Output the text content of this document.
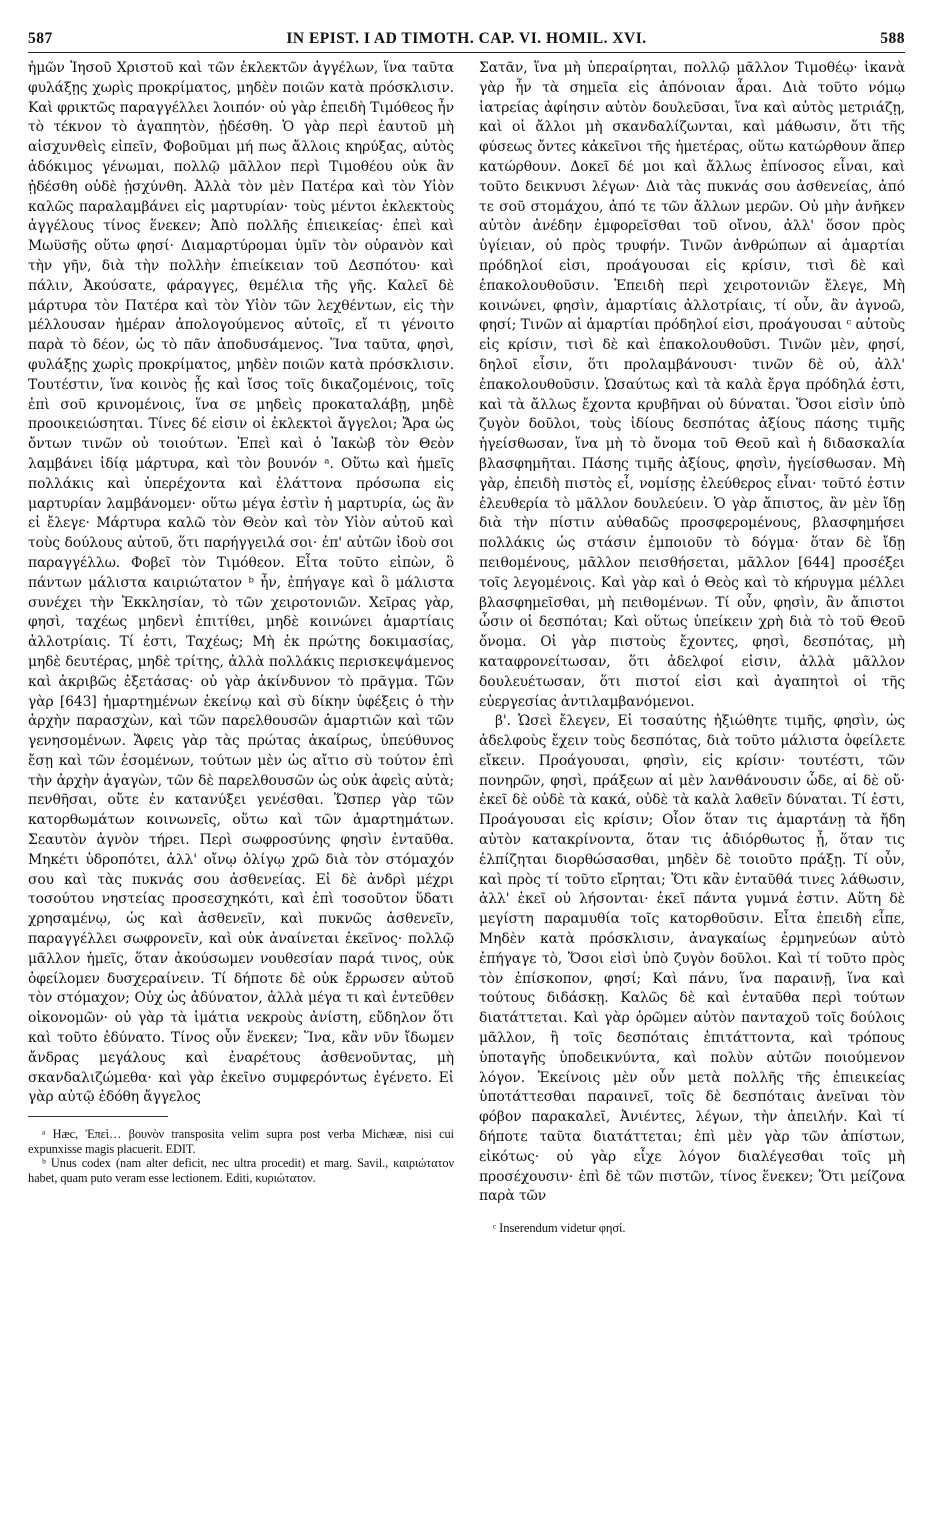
587	IN EPIST. I AD TIMOTH. CAP. VI. HOMIL. XVI.	588

ἡμῶν Ἰησοῦ Χριστοῦ καὶ τῶν ἐκλεκτῶν ἀγγέλων, ἵνα ταῦτα φυλάξῃς χωρὶς προκρίματος, μηδὲν ποιῶν κατὰ πρόσκλισιν. Καὶ φρικτῶς παραγγέλλει λοιπόν· οὐ γὰρ ἐπειδὴ Τιμόθεος ἦν τὸ τέκνον τὸ ἀγαπητὸν, ᾐδέσθη. Ὁ γὰρ περὶ ἑαυτοῦ μὴ αἰσχυνθεὶς εἰπεῖν, Φοβοῦμαι μή πως ἄλλοις κηρύξας, αὐτὸς ἀδόκιμος γένωμαι, πολλῷ μᾶλλον περὶ Τιμοθέου οὐκ ἂν ᾐδέσθη οὐδὲ ᾐσχύνθη. Ἀλλὰ τὸν μὲν Πατέρα καὶ τὸν Υἱὸν καλῶς παραλαμβάνει εἰς μαρτυρίαν· τοὺς μέντοι ἐκλεκτοὺς ἀγγέλους τίνος ἕνεκεν; Ἀπὸ πολλῆς ἐπιεικείας· ἐπεὶ καὶ Μωϋσῆς οὕτω φησί· Διαμαρτύρομαι ὑμῖν τὸν οὐρανὸν καὶ τὴν γῆν, διὰ τὴν πολλὴν ἐπιείκειαν τοῦ Δεσπότου· καὶ πάλιν, Ἀκούσατε, φάραγγες, θεμέλια τῆς γῆς. Καλεῖ δὲ μάρτυρα τὸν Πατέρα καὶ τὸν Υἱὸν τῶν λεχθέντων, εἰς τὴν μέλλουσαν ἡμέραν ἀπολογούμενος αὐτοῖς, εἴ τι γένοιτο παρὰ τὸ δέον, ὡς τὸ πᾶν ἀποδυσάμενος. Ἵνα ταῦτα, φησὶ, φυλάξῃς χωρὶς προκρίματος, μηδὲν ποιῶν κατὰ πρόσκλισιν. Τουτέστιν, ἵνα κοινὸς ᾖς καὶ ἴσος τοῖς δικαζομένοις, τοῖς ἐπὶ σοῦ κρινομένοις, ἵνα σε μηδεὶς προκαταλάβῃ, μηδὲ προοικειώσηται. Τίνες δέ εἰσιν οἱ ἐκλεκτοὶ ἄγγελοι; Ἄρα ὡς ὄντων τινῶν οὐ τοιούτων. Ἐπεὶ καὶ ὁ Ἰακὼβ τὸν Θεὸν λαμβάνει ἰδίᾳ μάρτυρα, καὶ τὸν βουνόν ᵃ. Οὕτω καὶ ἡμεῖς πολλάκις καὶ ὑπερέχοντα καὶ ἐλάττονα πρόσωπα εἰς μαρτυρίαν λαμβάνομεν· οὕτω μέγα ἐστὶν ἡ μαρτυρία, ὡς ἂν εἰ ἔλεγε· Μάρτυρα καλῶ τὸν Θεὸν καὶ τὸν Υἱὸν αὐτοῦ καὶ τοὺς δούλους αὐτοῦ, ὅτι παρήγγειλά σοι· ἐπ' αὐτῶν ἰδοὺ σοι παραγγέλλω. Φοβεῖ τὸν Τιμόθεον. Εἶτα τοῦτο εἰπὼν, ὃ πάντων μάλιστα καιριώτατον ᵇ ἦν, ἐπήγαγε καὶ ὃ μάλιστα συνέχει τὴν Ἐκκλησίαν, τὸ τῶν χειροτονιῶν. Χεῖρας γὰρ, φησὶ, ταχέως μηδενὶ ἐπιτίθει, μηδὲ κοινώνει ἁμαρτίαις ἀλλοτρίαις. Τί ἐστι, Ταχέως; Μὴ ἐκ πρώτης δοκιμασίας, μηδὲ δευτέρας, μηδὲ τρίτης, ἀλλὰ πολλάκις περισκεψάμενος καὶ ἀκριβῶς ἐξετάσας· οὐ γὰρ ἀκίνδυνον τὸ πρᾶγμα. Τῶν γὰρ [643] ἡμαρτημένων ἐκείνῳ καὶ σὺ δίκην ὑφέξεις ὁ τὴν ἀρχὴν παρασχὼν, καὶ τῶν παρελθουσῶν ἁμαρτιῶν καὶ τῶν γενησομένων. Ἄφεις γὰρ τὰς πρώτας ἀκαίρως, ὑπεύθυνος ἔσῃ καὶ τῶν ἐσομένων, τούτων μὲν ὡς αἴτιο σὺ τούτον ἐπὶ τὴν ἀρχὴν ἀγαγὼν, τῶν δὲ παρελθουσῶν ὡς οὐκ ἀφεὶς αὐτὰ; πενθῆσαι, οὔτε ἐν κατανύξει γενέσθαι. Ὥσπερ γὰρ τῶν κατορθωμάτων κοινωνεῖς, οὕτω καὶ τῶν ἁμαρτημάτων. Σεαυτὸν ἁγνὸν τήρει. Περὶ σωφροσύνης φησὶν ἐνταῦθα. Μηκέτι ὑδροπότει, ἀλλ' οἴνῳ ὀλίγῳ χρῶ διὰ τὸν στόμαχόν σου καὶ τὰς πυκνάς σου ἀσθενείας. Εἰ δὲ ἀνδρὶ μέχρι τοσούτου νηστείας προσεσχηκότι, καὶ ἐπὶ τοσοῦτον ὕδατι χρησαμένῳ, ὡς καὶ ἀσθενεῖν, καὶ πυκνῶς ἀσθενεῖν, παραγγέλλει σωφρονεῖν, καὶ οὐκ ἀναίνεται ἐκεῖνος· πολλῷ μᾶλλον ἡμεῖς, ὅταν ἀκούσωμεν νουθεσίαν παρά τινος, οὐκ ὀφείλομεν δυσχεραίνειν. Τί δήποτε δὲ οὐκ ἔρρωσεν αὐτοῦ τὸν στόμαχον; Οὐχ ὡς ἀδύνατον, ἀλλὰ μέγα τι καὶ ἐντεῦθεν οἰκονομῶν· οὐ γὰρ τὰ ἱμάτια νεκροὺς ἀνίστη, εὔδηλον ὅτι καὶ τοῦτο ἐδύνατο. Τίνος οὖν ἕνεκεν; Ἵνα, κἂν νῦν ἴδωμεν ἄνδρας μεγάλους καὶ ἐναρέτους ἀσθενοῦντας, μὴ σκανδαλιζώμεθα· καὶ γὰρ ἐκεῖνο συμφερόντως ἐγένετο. Εἰ γὰρ αὐτῷ ἐδόθη ἄγγελος

ᵃ Hæc, Ἐπεὶ… βουνὸν transposita velim supra post verba Michææ, nisi cui expunxisse magis placuerit. EDIT.

ᵇ Unus codex (nam alter deficit, nec ultra procedit) et marg. Savil., καιριώτατον habet, quam puto veram esse lectionem. Editi, κυριώτατον.

Σατᾶν, ἵνα μὴ ὑπεραίρηται, πολλῷ μᾶλλον Τιμοθέῳ· ἱκανὰ γὰρ ἦν τὰ σημεῖα εἰς ἀπόνοιαν ἆραι. Διὰ τοῦτο νόμῳ ἰατρείας ἀφίησιν αὐτὸν δουλεῦσαι, ἵνα καὶ αὐτὸς μετριάζῃ, καὶ οἱ ἄλλοι μὴ σκανδαλίζωνται, καὶ μάθωσιν, ὅτι τῆς φύσεως ὄντες κἀκεῖνοι τῆς ἡμετέρας, οὕτω κατώρθουν ἅπερ κατώρθουν. Δοκεῖ δέ μοι καὶ ἄλλως ἐπίνοσος εἶναι, καὶ τοῦτο δεικνυσι λέγων· Διὰ τὰς πυκνάς σου ἀσθενείας, ἀπό τε σοῦ στομάχου, ἀπό τε τῶν ἄλλων μερῶν. Οὐ μὴν ἀνῆκεν αὐτὸν ἀνέδην ἐμφορεῖσθαι τοῦ οἴνου, ἀλλ' ὅσον πρὸς ὑγίειαν, οὐ πρὸς τρυφήν. Τινῶν ἀνθρώπων αἱ ἁμαρτίαι πρόδηλοί εἰσι, προάγουσαι εἰς κρίσιν, τισὶ δὲ καὶ ἐπακολουθοῦσιν. Ἐπειδὴ περὶ χειροτονιῶν ἔλεγε, Μὴ κοινώνει, φησὶν, ἁμαρτίαις ἀλλοτρίαις, τί οὖν, ἂν ἀγνοῶ, φησί; Τινῶν αἱ ἁμαρτίαι πρόδηλοί εἰσι, προάγουσαι ᶜ αὐτοὺς εἰς κρίσιν, τισὶ δὲ καὶ ἐπακολουθοῦσι. Τινῶν μὲν, φησί, δηλοῖ εἶσιν, ὅτι προλαμβάνουσι· τινῶν δὲ οὐ, ἀλλ' ἐπακολουθοῦσιν. Ὡσαύτως καὶ τὰ καλὰ ἔργα πρόδηλά ἐστι, καὶ τὰ ἄλλως ἔχοντα κρυβῆναι οὐ δύναται. Ὅσοι εἰσὶν ὑπὸ ζυγὸν δοῦλοι, τοὺς ἰδίους δεσπότας ἀξίους πάσης τιμῆς ἡγείσθωσαν, ἵνα μὴ τὸ ὄνομα τοῦ Θεοῦ καὶ ἡ διδασκαλία βλασφημῆται. Πάσης τιμῆς ἀξίους, φησὶν, ἡγείσθωσαν. Μὴ γὰρ, ἐπειδὴ πιστὸς εἶ, νομίσῃς ἐλεύθερος εἶναι· τοῦτό ἐστιν ἐλευθερία τὸ μᾶλλον δουλεύειν. Ὁ γὰρ ἄπιστος, ἂν μὲν ἴδῃ διὰ τὴν πίστιν αὐθαδῶς προσφερομένους, βλασφημήσει πολλάκις ὡς στάσιν ἐμποιοῦν τὸ δόγμα· ὅταν δὲ ἴδῃ πειθομένους, μᾶλλον πεισθήσεται, μᾶλλον [644] προσέξει τοῖς λεγομένοις. Καὶ γὰρ καὶ ὁ Θεὸς καὶ τὸ κήρυγμα μέλλει βλασφημεῖσθαι, μὴ πειθομένων. Τί οὖν, φησὶν, ἂν ἄπιστοι ὦσιν οἱ δεσπόται; Καὶ οὕτως ὑπείκειν χρὴ διὰ τὸ τοῦ Θεοῦ ὄνομα. Οἱ γὰρ πιστοὺς ἔχοντες, φησὶ, δεσπότας, μὴ καταφρονείτωσαν, ὅτι ἀδελφοί εἰσιν, ἀλλὰ μᾶλλον δουλευέτωσαν, ὅτι πιστοί εἰσι καὶ ἀγαπητοὶ οἱ τῆς εὐεργεσίας ἀντιλαμβανόμενοι.

β'. Ὡσεὶ ἔλεγεν, Εἰ τοσαύτης ἠξιώθητε τιμῆς, φησὶν, ὡς ἀδελφοὺς ἔχειν τοὺς δεσπότας, διὰ τοῦτο μάλιστα ὀφείλετε εἴκειν. Προάγουσαι, φησὶν, εἰς κρίσιν· τουτέστι, τῶν πονηρῶν, φησὶ, πράξεων αἱ μὲν λανθάνουσιν ὧδε, αἱ δὲ οὔ· ἐκεῖ δὲ οὐδὲ τὰ κακά, οὐδὲ τὰ καλὰ λαθεῖν δύναται. Τί ἐστι, Προάγουσαι εἰς κρίσιν; Οἷον ὅταν τις ἁμαρτάνῃ τὰ ἤδη αὐτὸν κατακρίνοντα, ὅταν τις ἀδιόρθωτος ᾖ, ὅταν τις ἐλπίζηται διορθώσασθαι, μηδὲν δὲ τοιοῦτο πράξῃ. Τί οὖν, καὶ πρὸς τί τοῦτο εἴρηται; Ὅτι κἂν ἐνταῦθά τινες λάθωσιν, ἀλλ' ἐκεῖ οὐ λήσονται· ἐκεῖ πάντα γυμνά ἐστιν. Αὕτη δὲ μεγίστη παραμυθία τοῖς κατορθοῦσιν. Εἶτα ἐπειδὴ εἶπε, Μηδὲν κατὰ πρόσκλισιν, ἀναγκαίως ἑρμηνεύων αὐτὸ ἐπήγαγε τὸ, Ὅσοι εἰσὶ ὑπὸ ζυγὸν δοῦλοι. Καὶ τί τοῦτο πρὸς τὸν ἐπίσκοπον, φησί; Καὶ πάνυ, ἵνα παραινῇ, ἵνα καὶ τούτους διδάσκῃ. Καλῶς δὲ καὶ ἐνταῦθα περὶ τούτων διατάττεται. Καὶ γὰρ ὁρῶμεν αὐτὸν πανταχοῦ τοῖς δούλοις μᾶλλον, ἢ τοῖς δεσπόταις ἐπιτάττοντα, καὶ τρόπους ὑποταγῆς ὑποδεικνύντα, καὶ πολὺν αὐτῶν ποιούμενον λόγον. Ἐκείνοις μὲν οὖν μετὰ πολλῆς τῆς ἐπιεικείας ὑποτάττεσθαι παραινεῖ, τοῖς δὲ δεσπόταις ἀνεῖναι τὸν φόβον παρακαλεῖ, Ἀνιέντες, λέγων, τὴν ἀπειλήν. Καὶ τί δήποτε ταῦτα διατάττεται; ἐπὶ μὲν γὰρ τῶν ἀπίστων, εἰκότως· οὐ γὰρ εἶχε λόγον διαλέγεσθαι τοῖς μὴ προσέχουσιν· ἐπὶ δὲ τῶν πιστῶν, τίνος ἕνεκεν; Ὅτι μείζονα παρὰ τῶν

ᶜ Inserendum videtur φησί.
